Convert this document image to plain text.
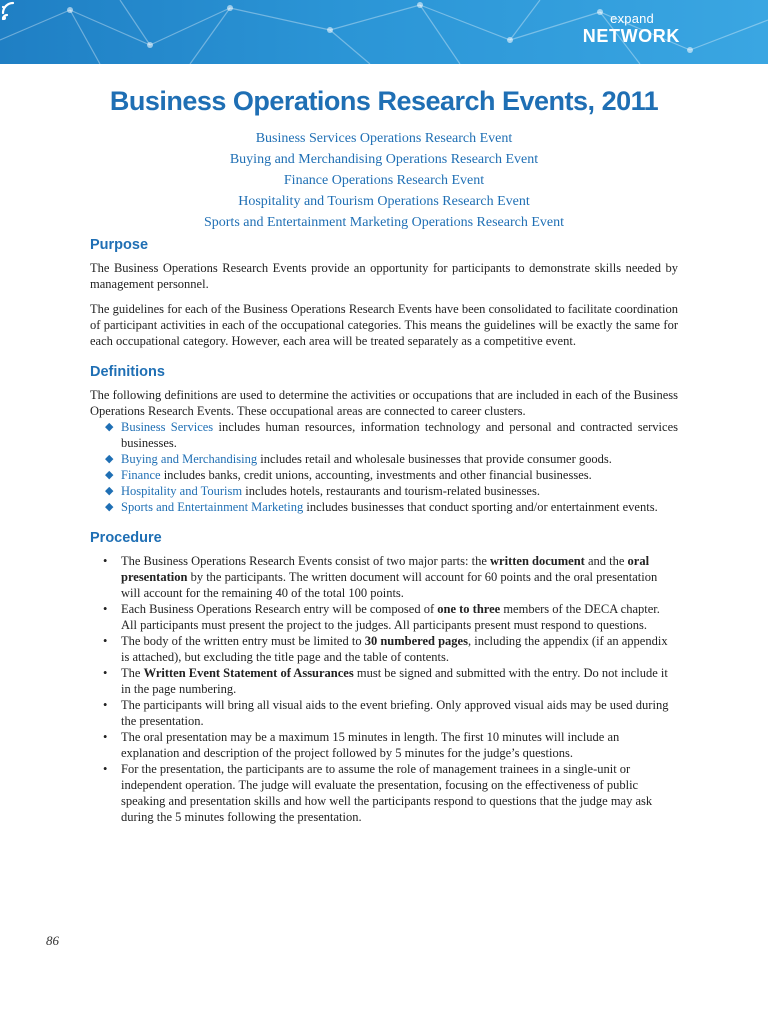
expand
NETWORK
Business Operations Research Events, 2011
Business Services Operations Research Event
Buying and Merchandising Operations Research Event
Finance Operations Research Event
Hospitality and Tourism Operations Research Event
Sports and Entertainment Marketing Operations Research Event
Purpose

The Business Operations Research Events provide an opportunity for participants to demonstrate skills needed by management personnel.

The guidelines for each of the Business Operations Research Events have been consolidated to facilitate coordination of participant activities in each of the occupational categories. This means the guidelines will be exactly the same for each occupational category. However, each area will be treated separately as a competitive event.

Definitions

The following definitions are used to determine the activities or occupations that are included in each of the Business Operations Research Events. These occupational areas are connected to career clusters.

◆ Business Services includes human resources, information technology and personal and contracted services businesses.
◆ Buying and Merchandising includes retail and wholesale businesses that provide consumer goods.
◆ Finance includes banks, credit unions, accounting, investments and other financial businesses.
◆ Hospitality and Tourism includes hotels, restaurants and tourism-related businesses.
◆ Sports and Entertainment Marketing includes businesses that conduct sporting and/or entertainment events.
Procedure
• The Business Operations Research Events consist of two major parts: the written document and the oral presentation by the participants. The written document will account for 60 points and the oral presentation will account for the remaining 40 of the total 100 points.
• Each Business Operations Research entry will be composed of one to three members of the DECA chapter. All participants must present the project to the judges. All participants present must respond to questions.
• The body of the written entry must be limited to 30 numbered pages, including the appendix (if an appendix is attached), but excluding the title page and the table of contents.
• The Written Event Statement of Assurances must be signed and submitted with the entry. Do not include it in the page numbering.
• The participants will bring all visual aids to the event briefing. Only approved visual aids may be used during the presentation.
• The oral presentation may be a maximum 15 minutes in length. The first 10 minutes will include an explanation and description of the project followed by 5 minutes for the judge’s questions.
• For the presentation, the participants are to assume the role of management trainees in a single-unit or independent operation. The judge will evaluate the presentation, focusing on the effectiveness of public speaking and presentation skills and how well the participants respond to questions that the judge may ask during the 5 minutes following the presentation.
86
